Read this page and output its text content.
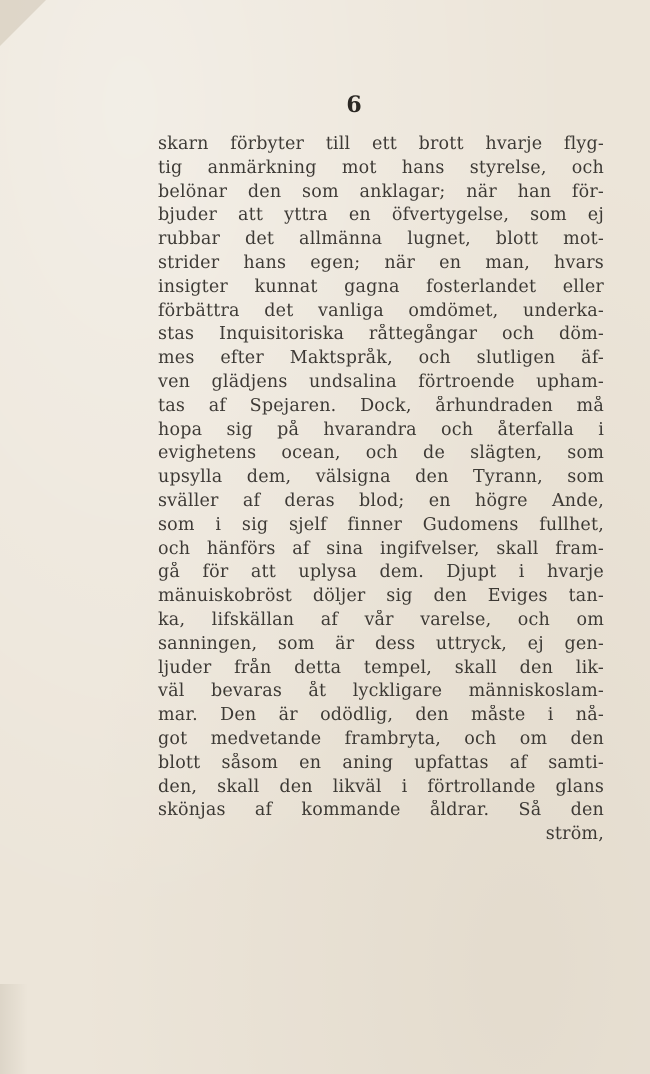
6
skarn förbyter till ett brott hvarje flyg-
tig anmärkning mot hans styrelse, och
belönar den som anklagar; när han för-
bjuder att yttra en öfvertygelse, som ej
rubbar det allmänna lugnet, blott mot-
strider hans egen; när en man, hvars
insigter kunnat gagna fosterlandet eller
förbättra det vanliga omdömet, underka-
stas Inquisitoriska råttegångar och döm-
mes efter Maktspråk, och slutligen äf-
ven glädjens undsalina förtroende upham-
tas af Spejaren. Dock, århundraden må
hopa sig på hvarandra och återfalla i
evighetens ocean, och de slägten, som
upsylla dem, välsigna den Tyrann, som
sväller af deras blod; en högre Ande,
som i sig sjelf finner Gudomens fullhet,
och hänförs af sina ingifvelser, skall fram-
gå för att uplysa dem. Djupt i hvarje
mänuiskobröst döljer sig den Eviges tan-
ka, lifskällan af vår varelse, och om
sanningen, som är dess uttryck, ej gen-
ljuder från detta tempel, skall den lik-
väl bevaras åt lyckligare människoslam-
mar. Den är odödlig, den måste i nå-
got medvetande frambryta, och om den
blott såsom en aning upfattas af samti-
den, skall den likväl i förtrollande glans
skönjas af kommande åldrar. Så den
ström,
